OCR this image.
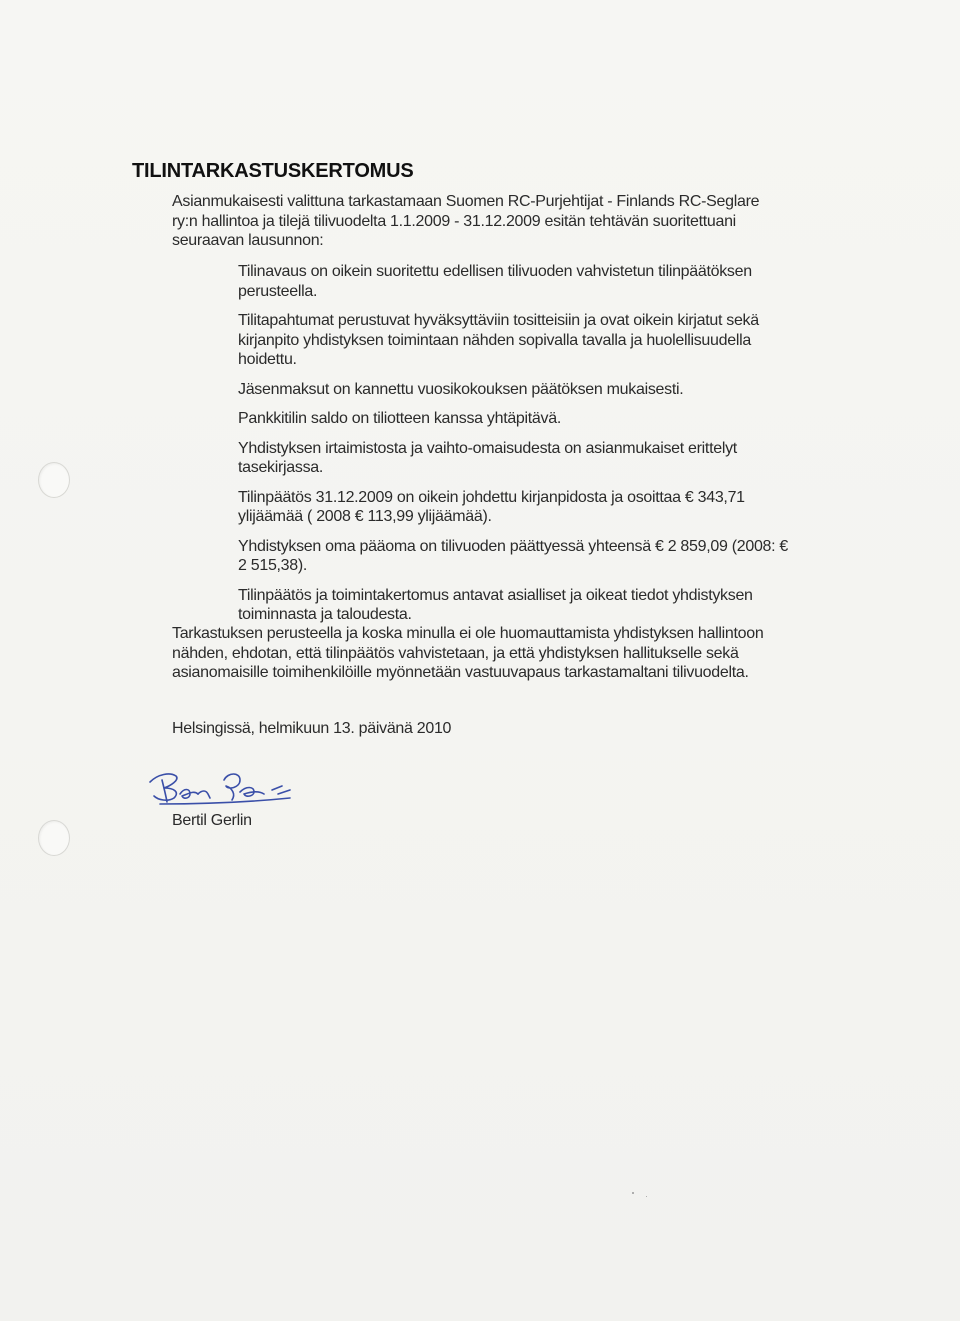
TILINTARKASTUSKERTOMUS

Asianmukaisesti valittuna tarkastamaan Suomen RC-Purjehtijat - Finlands RC-Seglare ry:n hallintoa ja tilejä tilivuodelta 1.1.2009 - 31.12.2009 esitän tehtävän suoritettuani seuraavan lausunnon:

Tilinavaus on oikein suoritettu edellisen tilivuoden vahvistetun tilinpäätöksen perusteella.
Tilitapahtumat perustuvat hyväksyttäviin tositteisiin ja ovat oikein kirjatut sekä kirjanpito yhdistyksen toimintaan nähden sopivalla tavalla ja huolellisuudella hoidettu.
Jäsenmaksut on kannettu vuosikokouksen päätöksen mukaisesti.
Pankkitilin saldo on tiliotteen kanssa yhtäpitävä.
Yhdistyksen irtaimistosta ja vaihto-omaisudesta on asianmukaiset erittelyt tasekirjassa.
Tilinpäätös 31.12.2009 on oikein johdettu kirjanpidosta ja osoittaa € 343,71 ylijäämää ( 2008 € 113,99 ylijäämää).
Yhdistyksen oma pääoma on tilivuoden päättyessä yhteensä € 2 859,09 (2008: € 2 515,38).
Tilinpäätös ja toimintakertomus antavat asialliset ja oikeat tiedot yhdistyksen toiminnasta ja taloudesta.

Tarkastuksen perusteella ja koska minulla ei ole huomauttamista yhdistyksen hallintoon nähden, ehdotan, että tilinpäätös vahvistetaan, ja että yhdistyksen hallitukselle sekä asianomaisille toimihenkilöille myönnetään vastuuvapaus tarkastamaltani tilivuodelta.

Helsingissä, helmikuun 13. päivänä 2010

Bertil Gerlin
